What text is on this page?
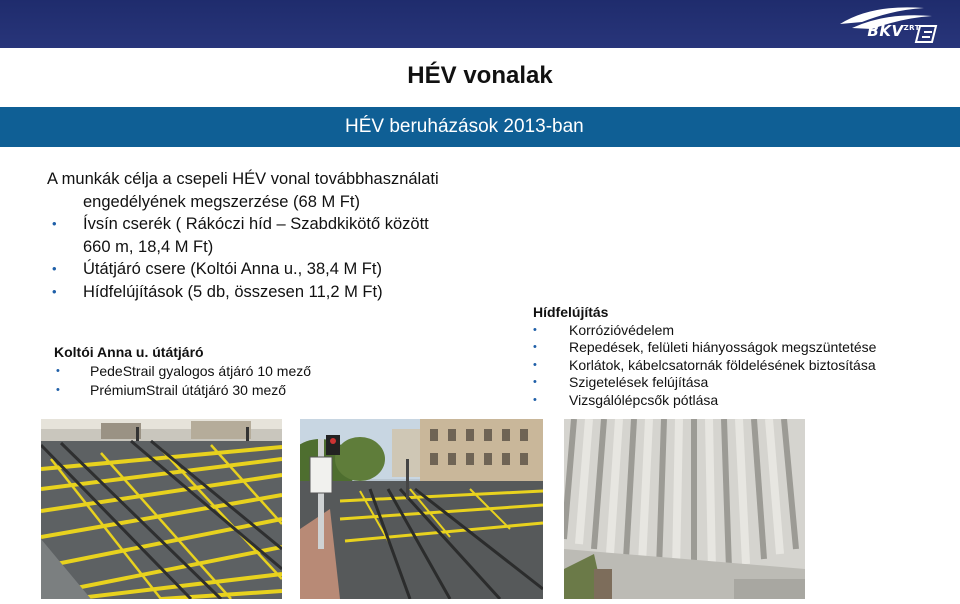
$BKV^{ZRT}$
HÉV vonalak
HÉV beruházások 2013-ban
A munkák célja a csepeli HÉV vonal továbbhasználati
engedélyének megszerzése (68 M Ft)
• Ívsín cserék ( Rákóczi híd – Szabdkikötő között
660 m, 18,4 M Ft)
• Útátjáró csere (Koltói Anna u., 38,4 M Ft)
• Hídfelújítások (5 db, összesen 11,2 M Ft)
Koltói Anna u. útátjáró
• PedeStrail gyalogos átjáró 10 mező
• PrémiumStrail útátjáró 30 mező
Hídfelújítás
• Korrózióvédelem
• Repedések, felületi hiányosságok megszüntetése
• Korlátok, kábelcsatornák földelésének biztosítása
• Szigetelések felújítása
• Vizsgálólépcsők pótlása
